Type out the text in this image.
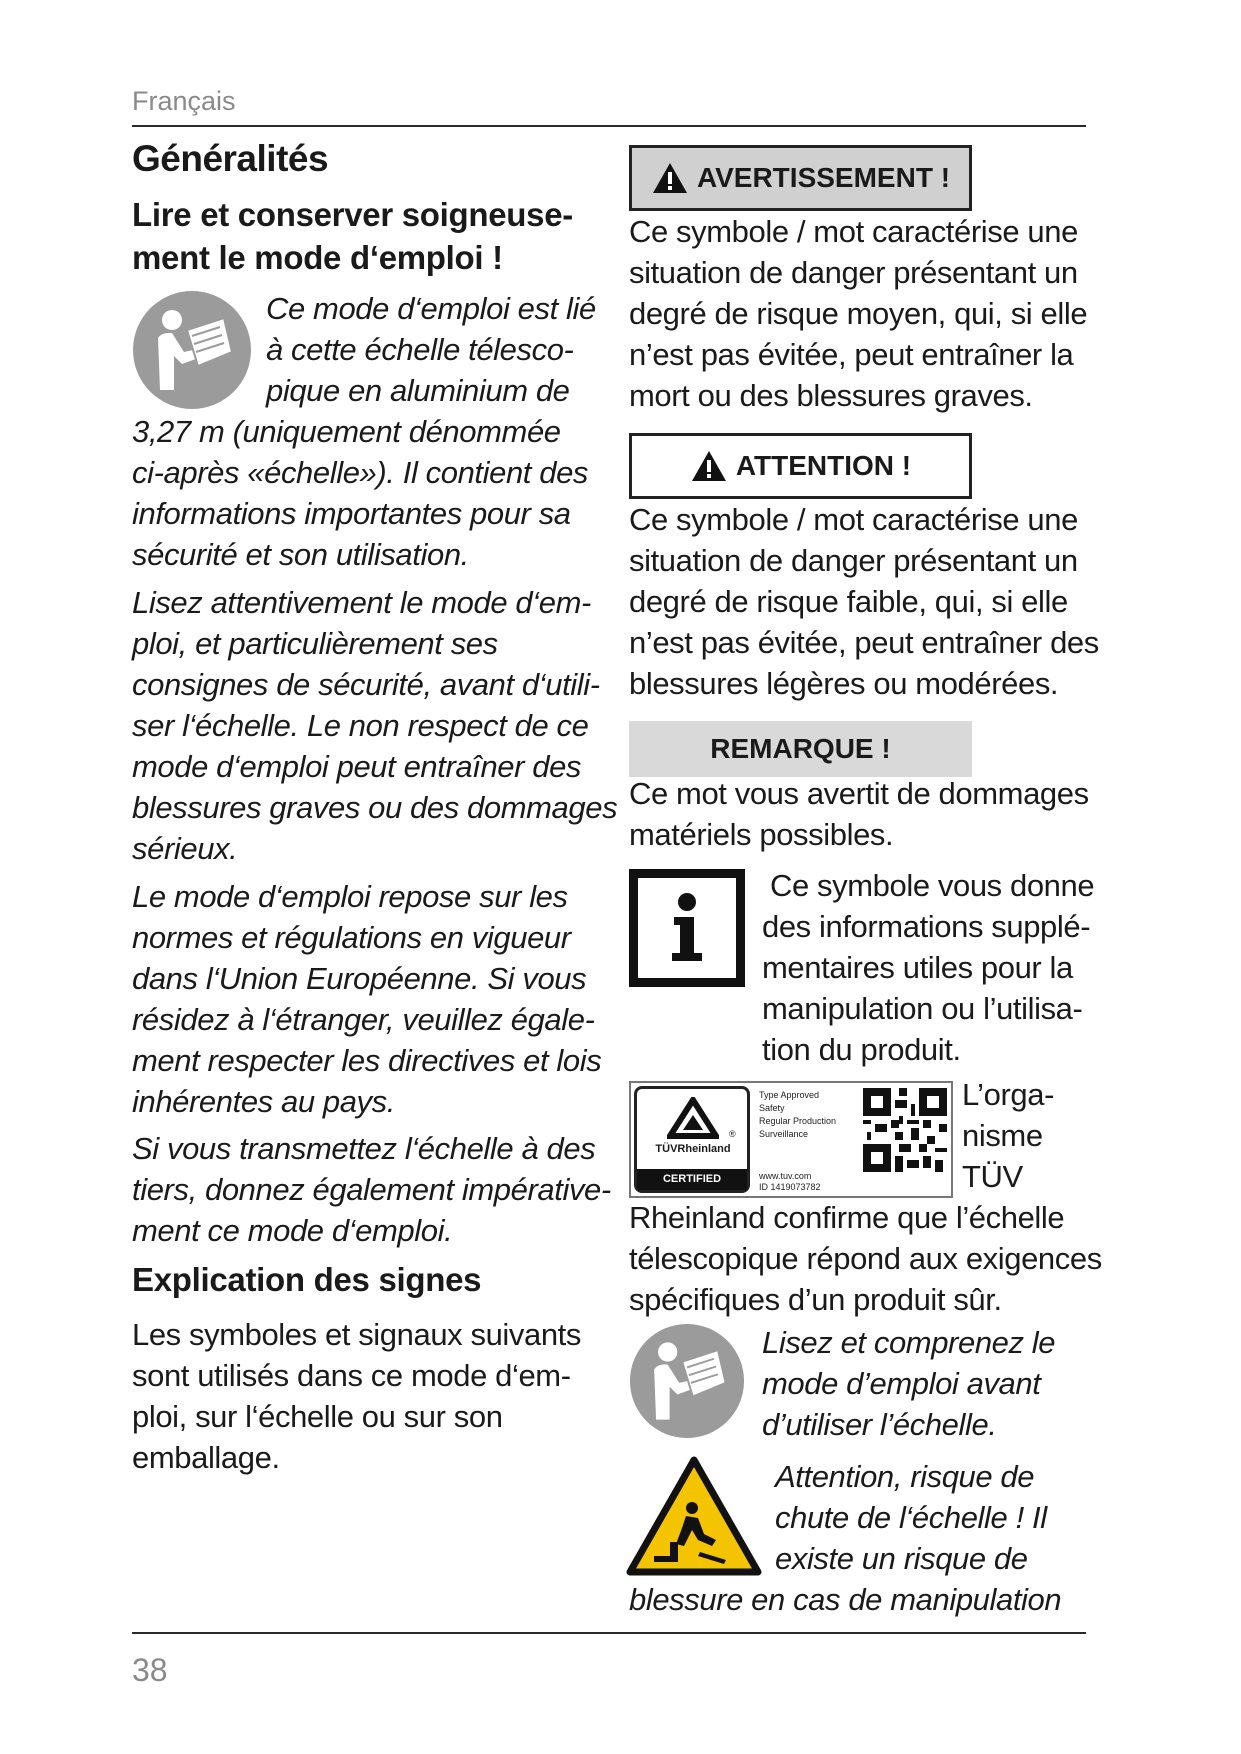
Français
Généralités
Lire et conserver soigneuse-
ment le mode d‘emploi !
Ce mode d‘emploi est lié
à cette échelle télesco-
pique en aluminium de
3,27 m (uniquement dénommée
ci-après «échelle»). Il contient des
informations importantes pour sa
sécurité et son utilisation.
Lisez attentivement le mode d‘em-
ploi, et particulièrement ses
consignes de sécurité, avant d‘utili-
ser l‘échelle. Le non respect de ce
mode d‘emploi peut entraîner des
blessures graves ou des dommages
sérieux.
Le mode d‘emploi repose sur les
normes et régulations en vigueur
dans l‘Union Européenne. Si vous
résidez à l‘étranger, veuillez égale-
ment respecter les directives et lois
inhérentes au pays.
Si vous transmettez l‘échelle à des
tiers, donnez également impérative-
ment ce mode d‘emploi.
Explication des signes
Les symboles et signaux suivants
sont utilisés dans ce mode d‘em-
ploi, sur l‘échelle ou sur son
emballage.
AVERTISSEMENT !
Ce symbole / mot caractérise une
situation de danger présentant un
degré de risque moyen, qui, si elle
n’est pas évitée, peut entraîner la
mort ou des blessures graves.
ATTENTION !
Ce symbole / mot caractérise une
situation de danger présentant un
degré de risque faible, qui, si elle
n’est pas évitée, peut entraîner des
blessures légères ou modérées.
REMARQUE !
Ce mot vous avertit de dommages
matériels possibles.
Ce symbole vous donne
des informations supplé-
mentaires utiles pour la
manipulation ou l’utilisa-
tion du produit.
TÜVRheinland
®
CERTIFIED
Type Approved
Safety
Regular Production
Surveillance
www.tuv.com
ID 1419073782
L’orga-
nisme
TÜV
Rheinland confirme que l’échelle
télescopique répond aux exigences
spécifiques d’un produit sûr.
Lisez et comprenez le
mode d’emploi avant
d’utiliser l’échelle.
Attention, risque de
chute de l‘échelle ! Il
existe un risque de
blessure en cas de manipulation
38
